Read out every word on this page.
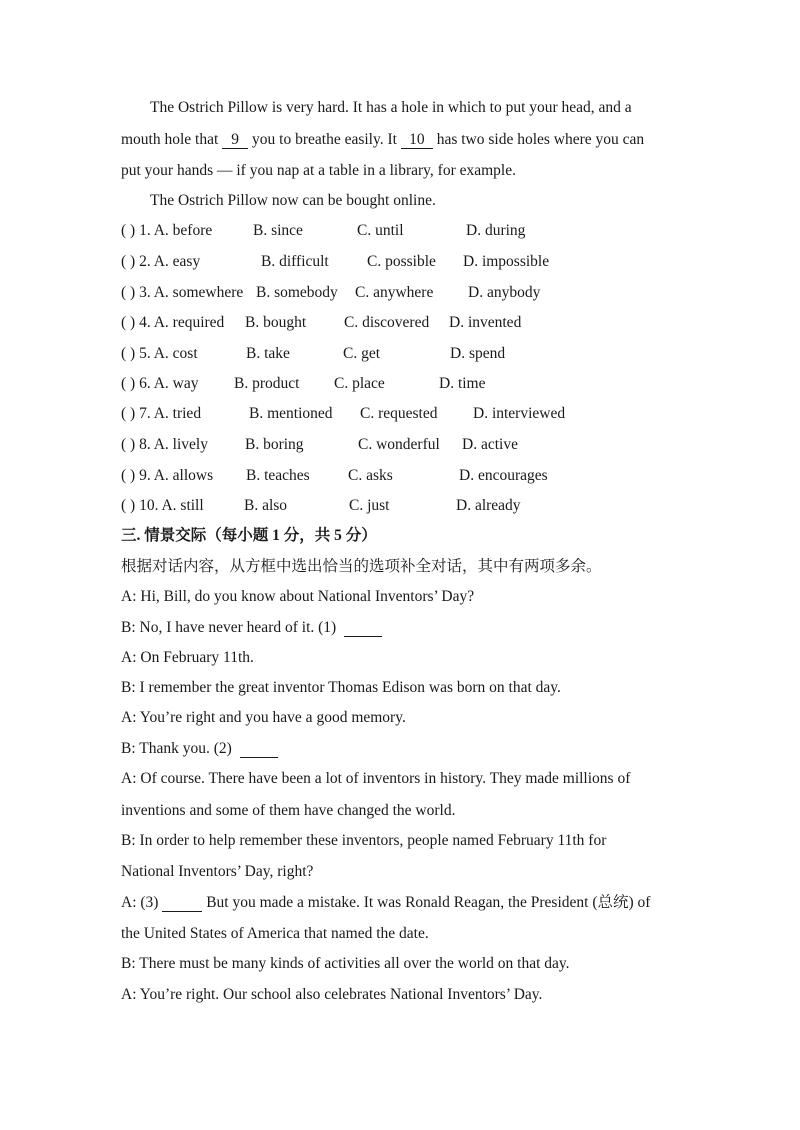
The Ostrich Pillow is very hard. It has a hole in which to put your head, and a
mouth hole that 9 you to breathe easily. It 10 has two side holes where you can
put your hands — if you nap at a table in a library, for example.
The Ostrich Pillow now can be bought online.
( ) 1. A. before	B. since	C. until	D. during
( ) 2. A. easy	B. difficult C. possible D. impossible
( ) 3. A. somewhere B. somebody C. anywhere D. anybody
( ) 4. A. required B. bought C. discovered D. invented
( ) 5. A. cost	B. take	C. get	D. spend
( ) 6. A. way B. product C. place	D. time
( ) 7. A. tried	B. mentioned C. requested D. interviewed
( ) 8. A. lively B. boring	C. wonderful D. active
( ) 9. A. allows B. teaches C. asks	D. encourages
( ) 10. A. still	B. also	C. just	D. already
三. 情景交际（每小题 1 分，共 5 分）
根据对话内容，从方框中选出恰当的选项补全对话，其中有两项多余。
A: Hi, Bill, do you know about National Inventors’ Day?
B: No, I have never heard of it. (1)
A: On February 11th.
B: I remember the great inventor Thomas Edison was born on that day.
A: You’re right and you have a good memory.
B: Thank you. (2)
A: Of course. There have been a lot of inventors in history. They made millions of
inventions and some of them have changed the world.
B: In order to help remember these inventors, people named February 11th for
National Inventors’ Day, right?
A: (3)	But you made a mistake. It was Ronald Reagan, the President (总统) of
the United States of America that named the date.
B: There must be many kinds of activities all over the world on that day.
A: You’re right. Our school also celebrates National Inventors’ Day.
